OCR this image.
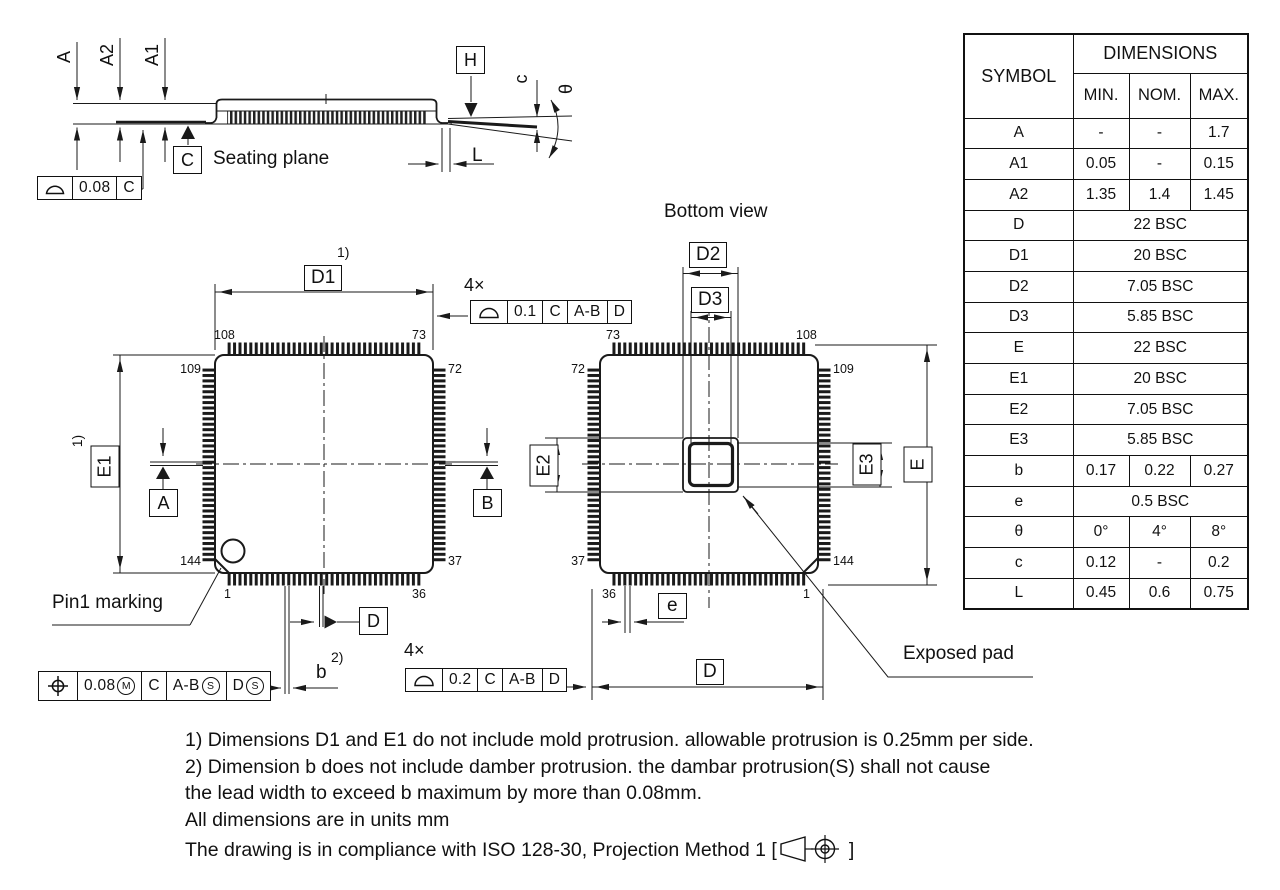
A A2 A1
c
θ
L
H
C	Seating plane
0.08 C
1)
D1
1)
E1
4×
0.1 C A-B D
A	B
D
Pin1 marking
b
2)
0.08 M	C A-B S	D S
108	73
109
144
72
37
1	36
Bottom view
D2
D3
E2	E3 E
e
D
4×
0.2 C A-B D
Exposed pad
73	108
72
37
109
144
36	1
SYMBOL	DIMENSIONS		
	MIN.	NOM.	MAX.
A	-	-	1.7
A1	0.05	-	0.15
A2	1.35	1.4	1.45
D	22 BSC		
D1	20 BSC		
D2	7.05 BSC		
D3	5.85 BSC		
E	22 BSC		
E1	20 BSC		
E2	7.05 BSC		
E3	5.85 BSC		
b	0.17	0.22	0.27
e	0.5 BSC		
θ	0°	4°	8°
c	0.12	-	0.2
L	0.45	0.6	0.75
1) Dimensions D1 and E1 do not include mold protrusion. allowable protrusion is 0.25mm per side.
2) Dimension b does not include damber protrusion. the dambar protrusion(S) shall not cause
the lead width to exceed b maximum by more than 0.08mm.
All dimensions are in units mm
The drawing is in compliance with ISO 128-30, Projection Method 1 [	]
